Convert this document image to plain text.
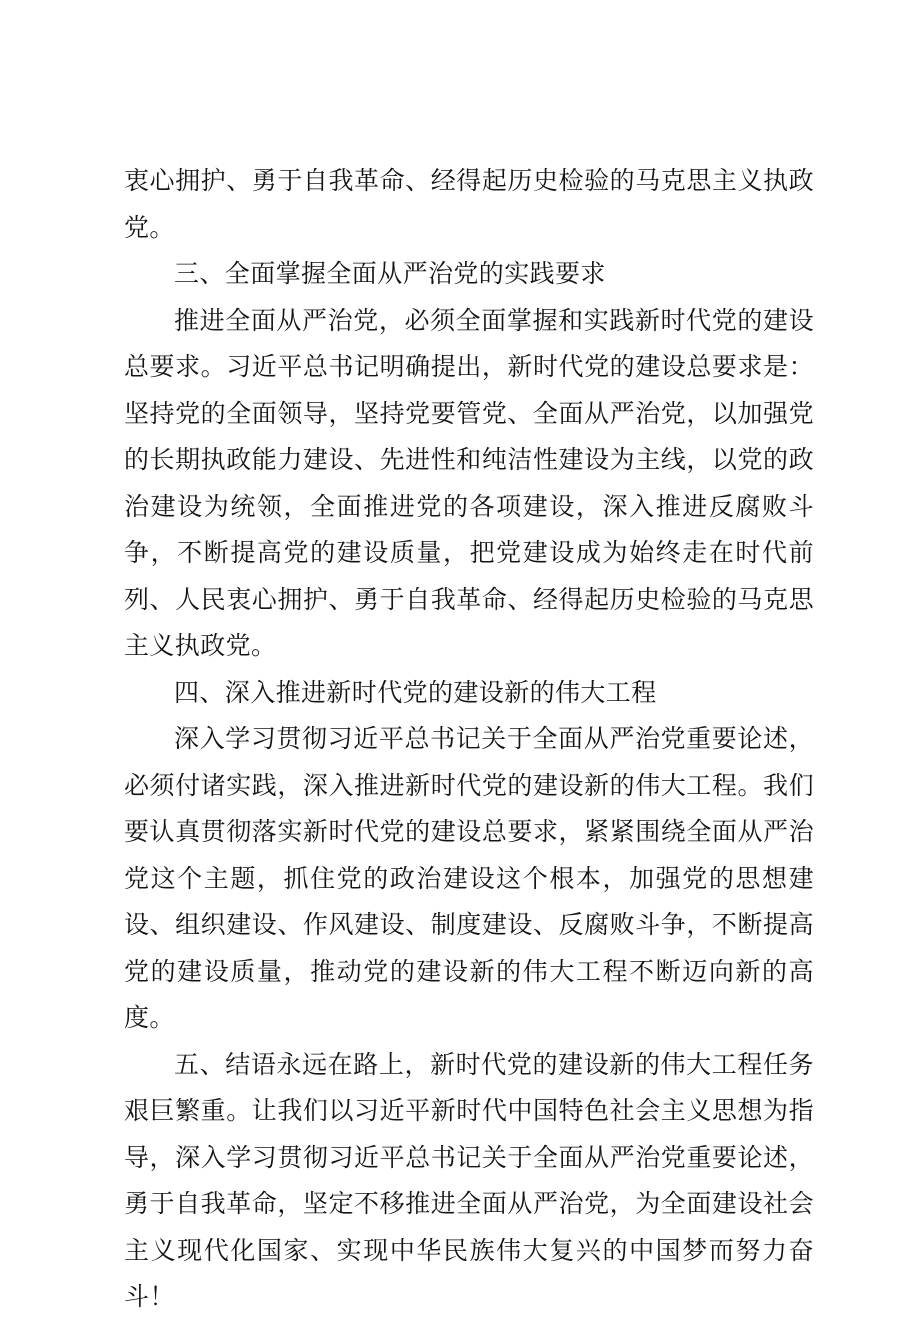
衷心拥护、勇于自我革命、经得起历史检验的马克思主义执政党。

三、全面掌握全面从严治党的实践要求

推进全面从严治党，必须全面掌握和实践新时代党的建设总要求。习近平总书记明确提出，新时代党的建设总要求是：坚持党的全面领导，坚持党要管党、全面从严治党，以加强党的长期执政能力建设、先进性和纯洁性建设为主线，以党的政治建设为统领，全面推进党的各项建设，深入推进反腐败斗争，不断提高党的建设质量，把党建设成为始终走在时代前列、人民衷心拥护、勇于自我革命、经得起历史检验的马克思主义执政党。

四、深入推进新时代党的建设新的伟大工程

深入学习贯彻习近平总书记关于全面从严治党重要论述，必须付诸实践，深入推进新时代党的建设新的伟大工程。我们要认真贯彻落实新时代党的建设总要求，紧紧围绕全面从严治党这个主题，抓住党的政治建设这个根本，加强党的思想建设、组织建设、作风建设、制度建设、反腐败斗争，不断提高党的建设质量，推动党的建设新的伟大工程不断迈向新的高度。

五、结语永远在路上，新时代党的建设新的伟大工程任务艰巨繁重。让我们以习近平新时代中国特色社会主义思想为指导，深入学习贯彻习近平总书记关于全面从严治党重要论述，勇于自我革命，坚定不移推进全面从严治党，为全面建设社会主义现代化国家、实现中华民族伟大复兴的中国梦而努力奋斗！
